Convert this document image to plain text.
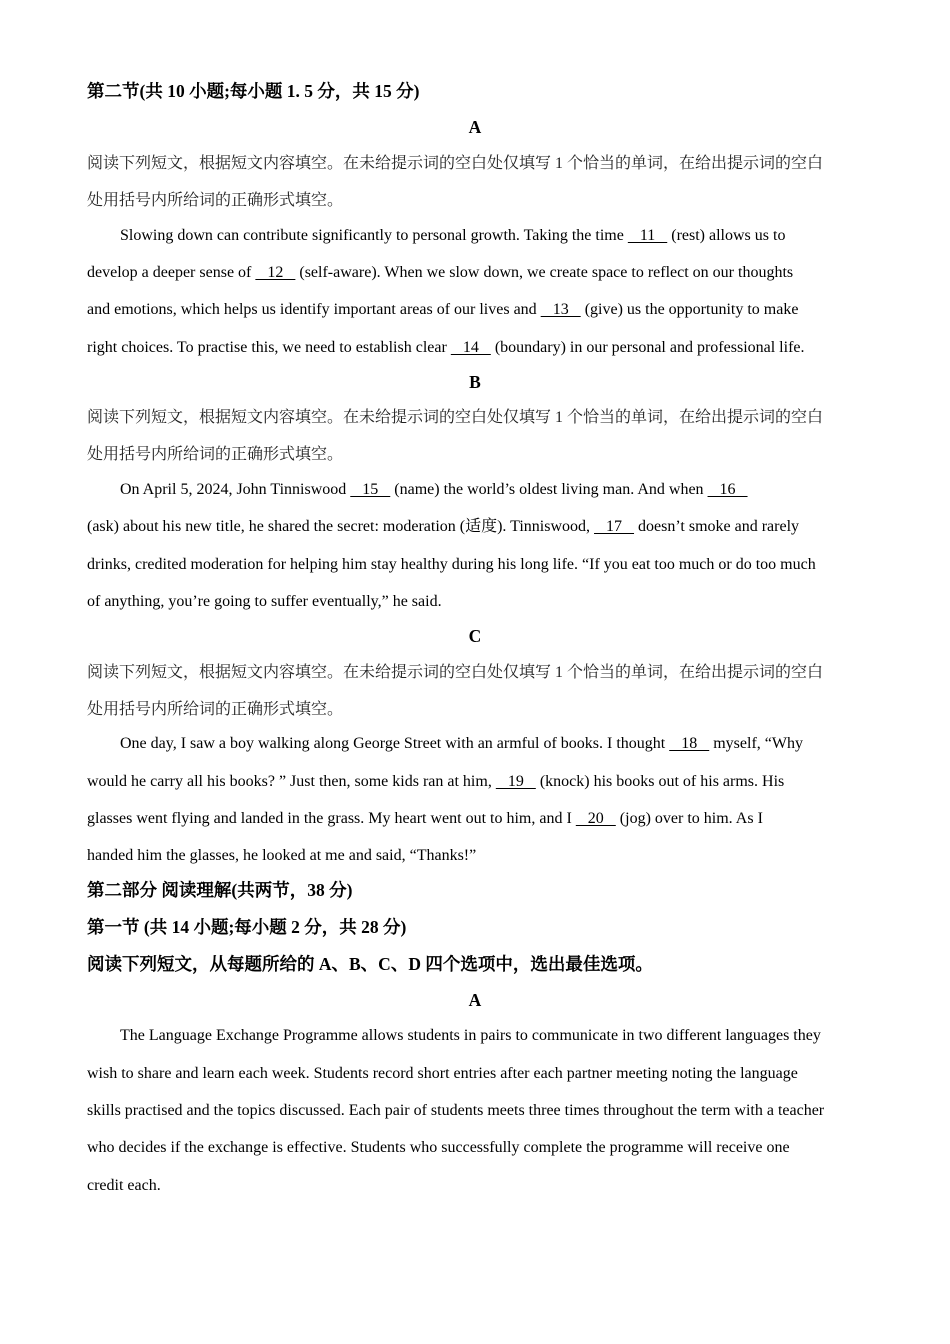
第二节(共 10 小题;每小题 1. 5 分，共 15 分)
A
阅读下列短文，根据短文内容填空。在未给提示词的空白处仅填写 1 个恰当的单词，在给出提示词的空白
处用括号内所给词的正确形式填空。
Slowing down can contribute significantly to personal growth. Taking the time    11    (rest) allows us to
develop a deeper sense of    12    (self-aware). When we slow down, we create space to reflect on our thoughts
and emotions, which helps us identify important areas of our lives and    13    (give) us the opportunity to make
right choices. To practise this, we need to establish clear    14    (boundary) in our personal and professional life.
B
阅读下列短文，根据短文内容填空。在未给提示词的空白处仅填写 1 个恰当的单词，在给出提示词的空白
处用括号内所给词的正确形式填空。
On April 5, 2024, John Tinniswood    15    (name) the world’s oldest living man. And when    16
(ask) about his new title, he shared the secret: moderation (适度). Tinniswood,    17    doesn’t smoke and rarely
drinks, credited moderation for helping him stay healthy during his long life. “If you eat too much or do too much
of anything, you’re going to suffer eventually,” he said.
C
阅读下列短文，根据短文内容填空。在未给提示词的空白处仅填写 1 个恰当的单词，在给出提示词的空白
处用括号内所给词的正确形式填空。
One day, I saw a boy walking along George Street with an armful of books. I thought    18    myself, “Why
would he carry all his books? ” Just then, some kids ran at him,    19    (knock) his books out of his arms. His
glasses went flying and landed in the grass. My heart went out to him, and I    20    (jog) over to him. As I
handed him the glasses, he looked at me and said, “Thanks!”
第二部分 阅读理解(共两节，38 分)
第一节 (共 14 小题;每小题 2 分，共 28 分)
阅读下列短文，从每题所给的 A、B、C、D 四个选项中，选出最佳选项。
A
The Language Exchange Programme allows students in pairs to communicate in two different languages they
wish to share and learn each week. Students record short entries after each partner meeting noting the language
skills practised and the topics discussed. Each pair of students meets three times throughout the term with a teacher
who decides if the exchange is effective. Students who successfully complete the programme will receive one
credit each.
